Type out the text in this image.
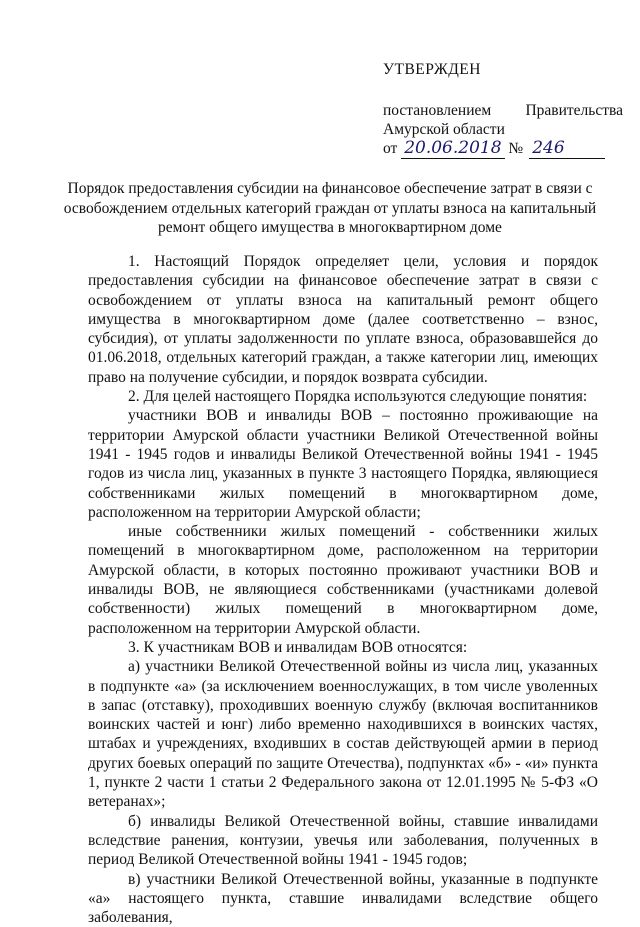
УТВЕРЖДЕН
постановлением Правительства
Амурской области
от
20.06.2018
№ 246
Порядок предоставления субсидии на финансовое обеспечение затрат в связи с освобождением отдельных категорий граждан от уплаты взноса на капитальный ремонт общего имущества в многоквартирном доме

1. Настоящий Порядок определяет цели, условия и порядок предоставления субсидии на финансовое обеспечение затрат в связи с освобождением от уплаты взноса на капитальный ремонт общего имущества в многоквартирном доме (далее соответственно – взнос, субсидия), от уплаты задолженности по уплате взноса, образовавшейся до 01.06.2018, отдельных категорий граждан, а также категории лиц, имеющих право на получение субсидии, и порядок возврата субсидии.

2. Для целей настоящего Порядка используются следующие понятия:

участники ВОВ и инвалиды ВОВ – постоянно проживающие на территории Амурской области участники Великой Отечественной войны 1941 - 1945 годов и инвалиды Великой Отечественной войны 1941 - 1945 годов из числа лиц, указанных в пункте 3 настоящего Порядка, являющиеся собственниками жилых помещений в многоквартирном доме, расположенном на территории Амурской области;

иные собственники жилых помещений - собственники жилых помещений в многоквартирном доме, расположенном на территории Амурской области, в которых постоянно проживают участники ВОВ и инвалиды ВОВ, не являющиеся собственниками (участниками долевой собственности) жилых помещений в многоквартирном доме, расположенном на территории Амурской области.

3. К участникам ВОВ и инвалидам ВОВ относятся:

а) участники Великой Отечественной войны из числа лиц, указанных в подпункте «а» (за исключением военнослужащих, в том числе уволенных в запас (отставку), проходивших военную службу (включая воспитанников воинских частей и юнг) либо временно находившихся в воинских частях, штабах и учреждениях, входивших в состав действующей армии в период других боевых операций по защите Отечества), подпунктах «б» - «и» пункта 1, пункте 2 части 1 статьи 2 Федерального закона от 12.01.1995 № 5-ФЗ «О ветеранах»;

б) инвалиды Великой Отечественной войны, ставшие инвалидами вследствие ранения, контузии, увечья или заболевания, полученных в период Великой Отечественной войны 1941 - 1945 годов;

в) участники Великой Отечественной войны, указанные в подпункте «а» настоящего пункта, ставшие инвалидами вследствие общего заболевания,
